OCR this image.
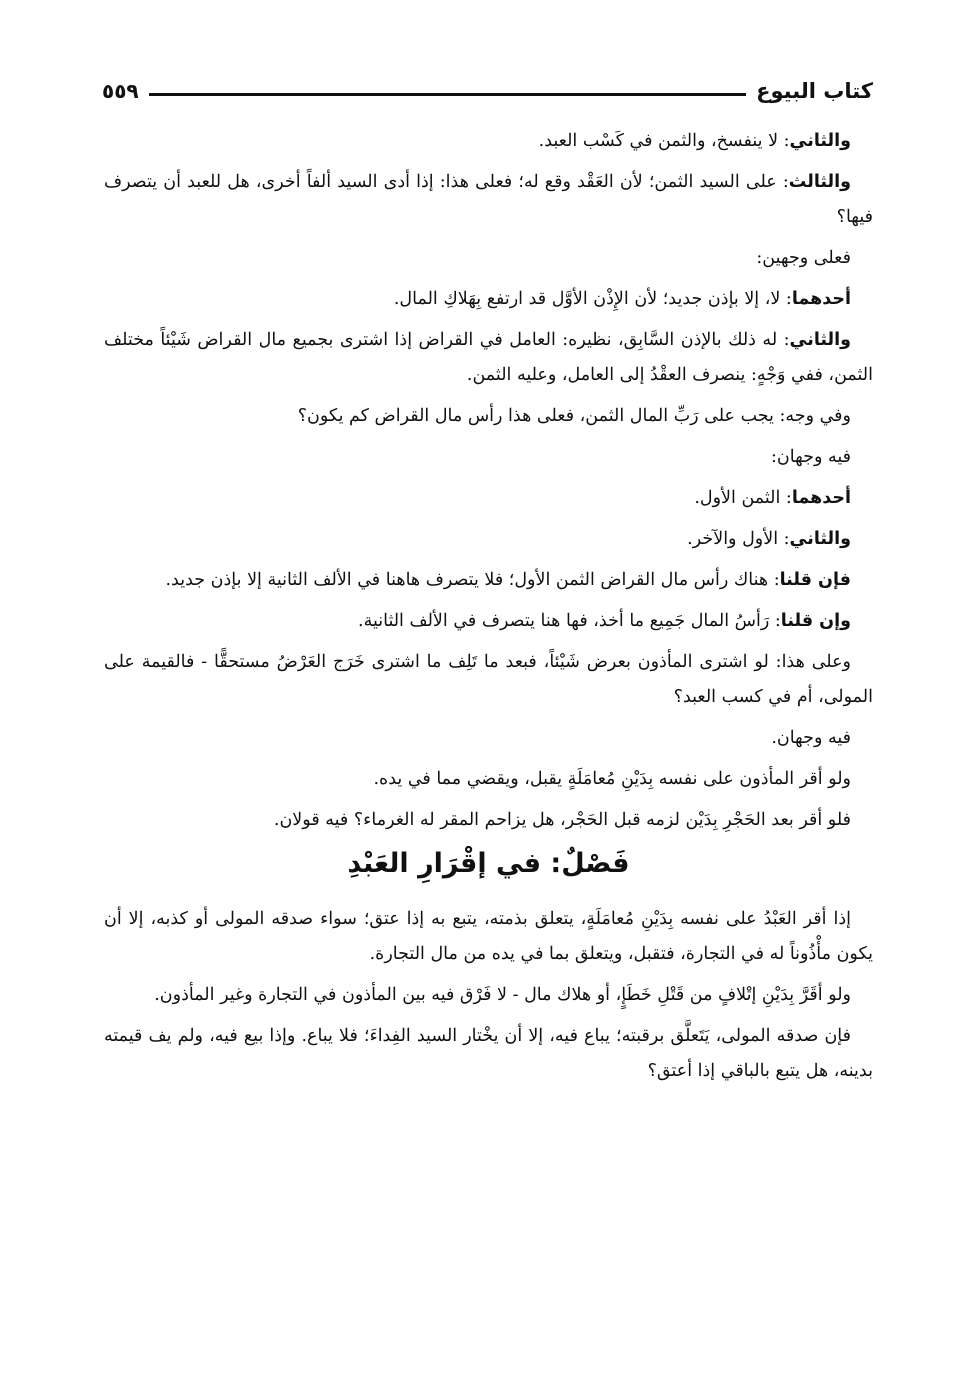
كتاب البيوع
٥٥٩

والثاني: لا ينفسخ، والثمن في كَسْب العبد.

والثالث: على السيد الثمن؛ لأن العَقْد وقع له؛ فعلى هذا: إذا أدى السيد ألفاً أخرى، هل للعبد أن يتصرف فيها؟

فعلى وجهين:

أحدهما: لا، إلا بإذن جديد؛ لأن الإِذْن الأوَّل قد ارتفع بِهَلاكِ المال.

والثاني: له ذلك بالإذن السَّابِق، نظيره: العامل في القراض إذا اشترى بجميع مال القراض شَيْئاً مختلف الثمن، ففي وَجْهٍ: ينصرف العقْدُ إلى العامل، وعليه الثمن.

وفي وجه: يجب على رَبِّ المال الثمن، فعلى هذا رأس مال القراض كم يكون؟

فيه وجهان:

أحدهما: الثمن الأول.

والثاني: الأول والآخر.

فإن قلنا: هناك رأس مال القراض الثمن الأول؛ فلا يتصرف هاهنا في الألف الثانية إلا بإذن جديد.

وإن قلنا: رَأسُ المال جَمِيع ما أخذ، فها هنا يتصرف في الألف الثانية.

وعلى هذا: لو اشترى المأذون بعرض شَيْئاً، فبعد ما تَلِف ما اشترى خَرَج العَرْضُ مستحقًّا - فالقيمة على المولى، أم في كسب العبد؟

فيه وجهان.

ولو أقر المأذون على نفسه بِدَيْنِ مُعامَلَةٍ يقبل، ويقضي مما في يده.

فلو أقر بعد الحَجْرِ بِدَيْن لزمه قبل الحَجْر، هل يزاحم المقر له الغرماء؟ فيه قولان.

فَصْلٌ: في إقْرَارِ العَبْدِ

إذا أقر العَبْدُ على نفسه بِدَيْنِ مُعامَلَةٍ، يتعلق بذمته، يتبع به إذا عتق؛ سواء صدقه المولى أو كذبه، إلا أن يكون مأْذُوناً له في التجارة، فتقبل، ويتعلق بما في يده من مال التجارة.

ولو أقَرَّ بِدَيْنِ إتْلافٍ من قَتْلِ خَطَإٍ، أو هلاك مال - لا فَرْق فيه بين المأذون في التجارة وغير المأذون.

فإن صدقه المولى، يَتَعلَّق برقبته؛ يباع فيه، إلا أن يخْتار السيد الفِداءَ؛ فلا يباع. وإذا بيع فيه، ولم يف قيمته بدينه، هل يتبع بالباقي إذا أعتق؟
